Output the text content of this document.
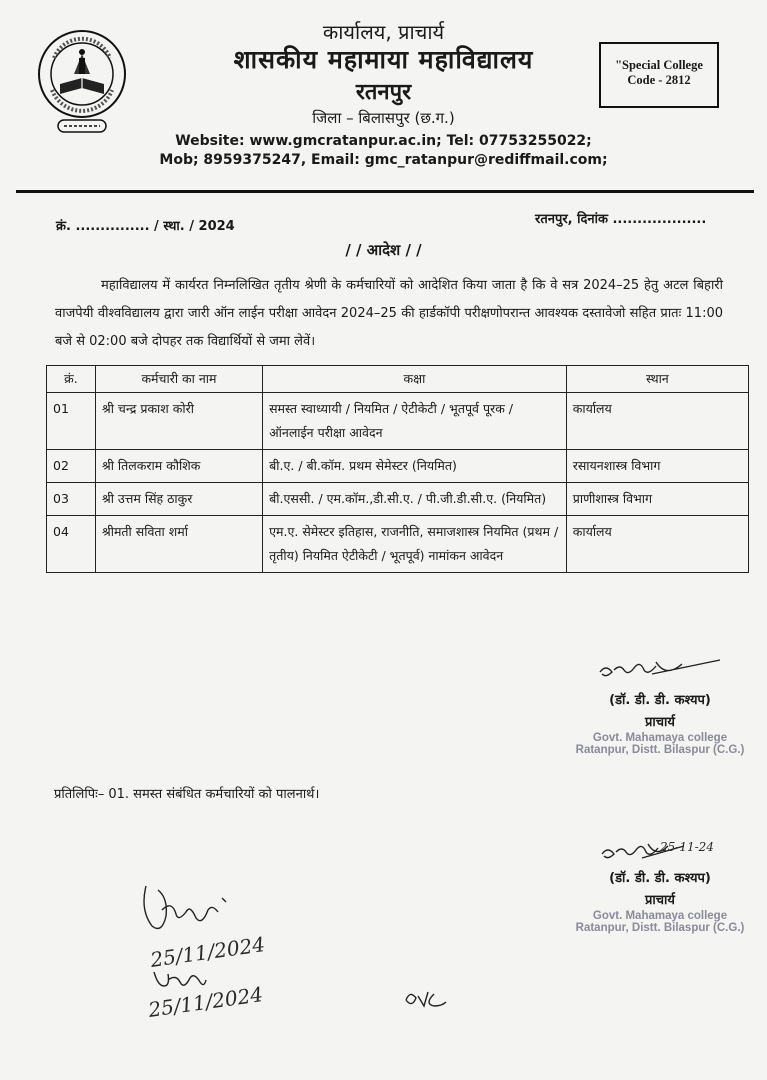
कार्यालय, प्राचार्य
शासकीय महामाया महाविद्यालय
रतनपुर
जिला – बिलासपुर (छ.ग.)
Website: www.gmcratanpur.ac.in; Tel: 07753255022;
Mob; 8959375247, Email: gmc_ratanpur@rediffmail.com;
"Special College
Code - 2812
क्रं. ............... / स्था. / 2024	रतनपुर, दिनांक ...................
/ / आदेश / /
महाविद्यालय में कार्यरत निम्नलिखित तृतीय श्रेणी के कर्मचारियों को आदेशित किया जाता है कि वे सत्र 2024–25 हेतु अटल बिहारी वाजपेयी वीश्वविद्यालय द्वारा जारी ऑन लाईन परीक्षा आवेदन 2024–25 की हार्डकॉपी परीक्षणोपरान्त आवश्यक दस्तावेजो सहित प्रातः 11:00 बजे से 02:00 बजे दोपहर तक विद्यार्थियों से जमा लेवें।
क्रं.	कर्मचारी का नाम	कक्षा	स्थान
01	श्री चन्द्र प्रकाश कोरी	समस्त स्वाध्यायी / नियमित / ऐटीकेटी / भूतपूर्व पूरक / ऑनलाईन परीक्षा आवेदन	कार्यालय
02	श्री तिलकराम कौशिक	बी.ए. / बी.कॉम. प्रथम सेमेस्टर (नियमित)	रसायनशास्त्र विभाग
03	श्री उत्तम सिंह ठाकुर	बी.एससी. / एम.कॉम.,डी.सी.ए. / पी.जी.डी.सी.ए. (नियमित)	प्राणीशास्त्र विभाग
04	श्रीमती सविता शर्मा	एम.ए. सेमेस्टर इतिहास, राजनीति, समाजशास्त्र नियमित (प्रथम / तृतीय) नियमित ऐटीकेटी / भूतपूर्व) नामांकन आवेदन	कार्यालय
(डॉ. डी. डी. कश्यप)
प्राचार्य
Govt. Mahamaya college
Ratanpur, Distt. Bilaspur (C.G.)
प्रतिलिपिः– 01. समस्त संबंधित कर्मचारियों को पालनार्थ।
25-11-24
(डॉ. डी. डी. कश्यप)
प्राचार्य
Govt. Mahamaya college
Ratanpur, Distt. Bilaspur (C.G.)
25/11/2024
25/11/2024
